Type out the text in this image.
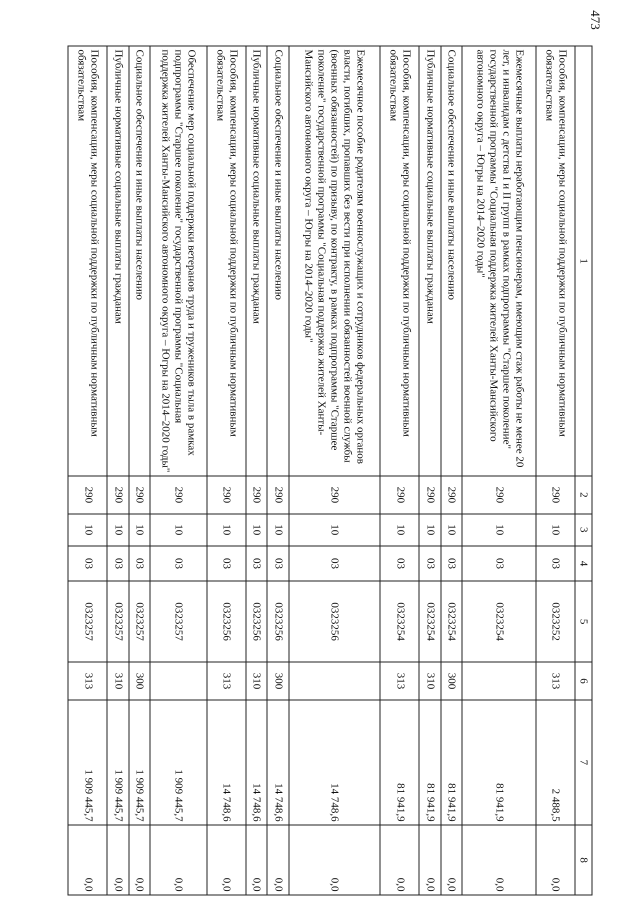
473
1	2	3	4	5	6	7	8
Пособия, компенсации, меры социальной поддержки по публичным нормативным обязательствам	290	10	03	0323252	313	2 488,5	0,0
Ежемесячные выплаты неработающим пенсионерам, имеющим стаж работы не менее 20 лет, и инвалидам с детства I и II групп в рамках подпрограммы "Старшее поколение" государственной программы "Социальная поддержка жителей Ханты-Мансийского автономного округа – Югры на 2014–2020 годы"	290	10	03	0323254		81 941,9	0,0
Социальное обеспечение и иные выплаты населению	290	10	03	0323254	300	81 941,9	0,0
Публичные нормативные социальные выплаты гражданам	290	10	03	0323254	310	81 941,9	0,0
Пособия, компенсации, меры социальной поддержки по публичным нормативным обязательствам	290	10	03	0323254	313	81 941,9	0,0
Ежемесячное пособие родителям военнослужащих и сотрудников федеральных органов власти, погибших, пропавших без вести при исполнении обязанностей военной службы (военных обязанностей) по призыву, по контракту, в рамках подпрограммы "Старшее поколение" государственной программы "Социальная поддержка жителей Ханты-Мансийского автономного округа – Югры на 2014–2020 годы"	290	10	03	0323256		14 748,6	0,0
Социальное обеспечение и иные выплаты населению	290	10	03	0323256	300	14 748,6	0,0
Публичные нормативные социальные выплаты гражданам	290	10	03	0323256	310	14 748,6	0,0
Пособия, компенсации, меры социальной поддержки по публичным нормативным обязательствам	290	10	03	0323256	313	14 748,6	0,0
Обеспечение мер социальной поддержки ветеранов труда и тружеников тыла в рамках подпрограммы "Старшее поколение" государственной программы "Социальная поддержка жителей Ханты-Мансийского автономного округа – Югры на 2014–2020 годы"	290	10	03	0323257		1 909 445,7	0,0
Социальное обеспечение и иные выплаты населению	290	10	03	0323257	300	1 909 445,7	0,0
Публичные нормативные социальные выплаты гражданам	290	10	03	0323257	310	1 909 445,7	0,0
Пособия, компенсации, меры социальной поддержки по публичным нормативным обязательствам	290	10	03	0323257	313	1 909 445,7	0,0
